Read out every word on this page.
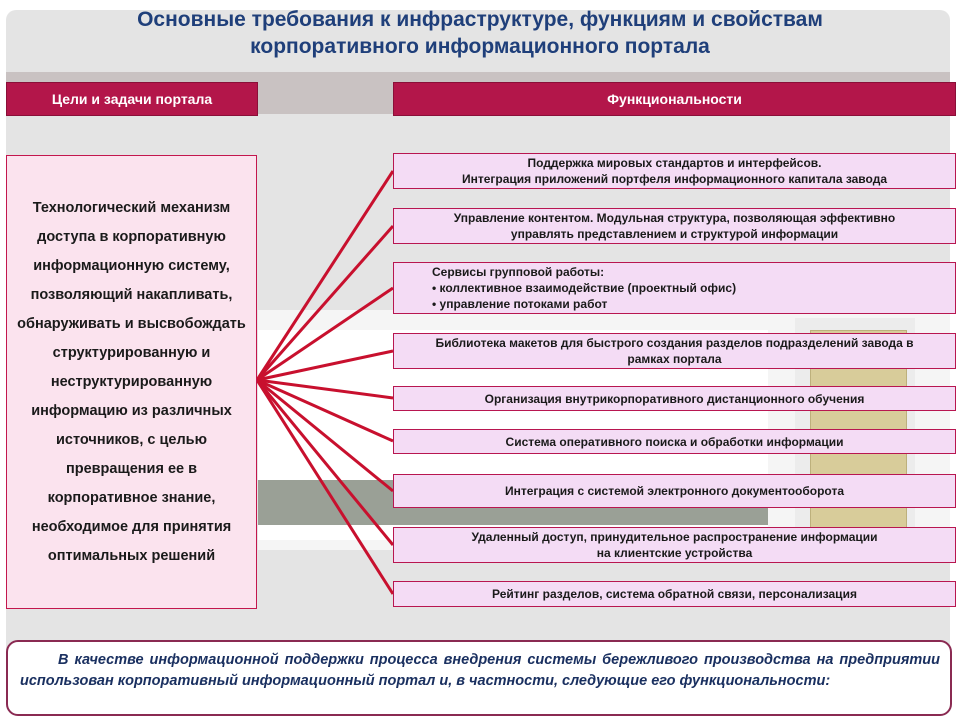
Основные требования к инфраструктуре, функциям и свойствам
корпоративного информационного портала
Цели и задачи портала	Функциональности
Технологический механизм доступа в корпоративную информационную систему, позволяющий накапливать, обнаруживать и высвобождать структурированную и неструктурированную информацию из различных источников, с целью превращения ее в корпоративное знание, необходимое для принятия оптимальных решений
Поддержка мировых стандартов и интерфейсов.
Интеграция приложений портфеля информационного капитала завода
Управление контентом. Модульная структура, позволяющая эффективно
управлять представлением и структурой информации
Сервисы групповой работы:
• коллективное взаимодействие (проектный офис)
• управление потоками работ
Библиотека макетов для быстрого создания разделов подразделений завода в
рамках портала
Организация внутрикорпоративного дистанционного обучения
Система оперативного поиска и обработки информации
Интеграция с системой электронного документооборота
Удаленный доступ, принудительное распространение информации
на клиентские устройства
Рейтинг разделов, система обратной связи, персонализация
В качестве информационной поддержки процесса внедрения системы бережливого производства на предприятии использован корпоративный информационный портал и, в частности, следующие его функциональности:
